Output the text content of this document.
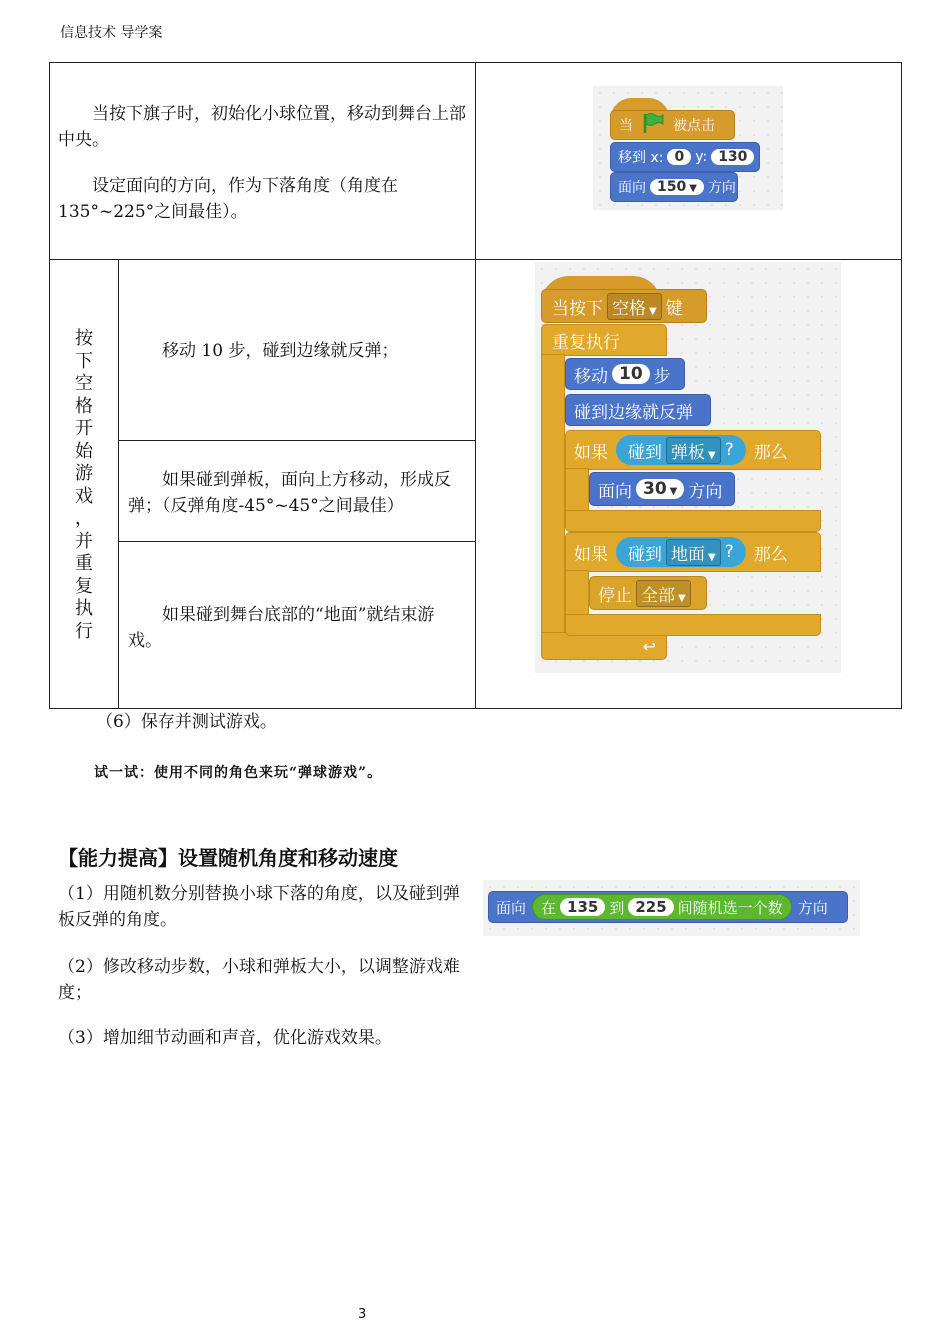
信息技术 导学案

当按下旗子时，初始化小球位置，移动到舞台上部中央。

设定面向的方向，作为下落角度（角度在135°~225°之间最佳）。

当	被点击
移到 x: 0 y: 130
面向 150 ▼ 方向
按
下
空
格
开
始
游
戏
，
并
重
复
执
行

移动 10 步，碰到边缘就反弹；

如果碰到弹板，面向上方移动，形成反弹；（反弹角度-45°~45°之间最佳）

如果碰到舞台底部的“地面”就结束游戏。

当按下 空格 ▼ 键
重复执行
↩
移动 10 步
碰到边缘就反弹
如果 碰到 弹板 ▼ ? 那么
面向 30 ▼ 方向
如果 碰到 地面 ▼ ? 那么
停止 全部 ▼
（6）保存并测试游戏。
试一试：使用不同的角色来玩“弹球游戏”。
【能力提高】设置随机角度和移动速度
（1）用随机数分别替换小球下落的角度，以及碰到弹板反弹的角度。
（2）修改移动步数，小球和弹板大小，以调整游戏难度；
（3）增加细节动画和声音，优化游戏效果。
面向 在 135 到 225 间随机选一个数 方向
3
